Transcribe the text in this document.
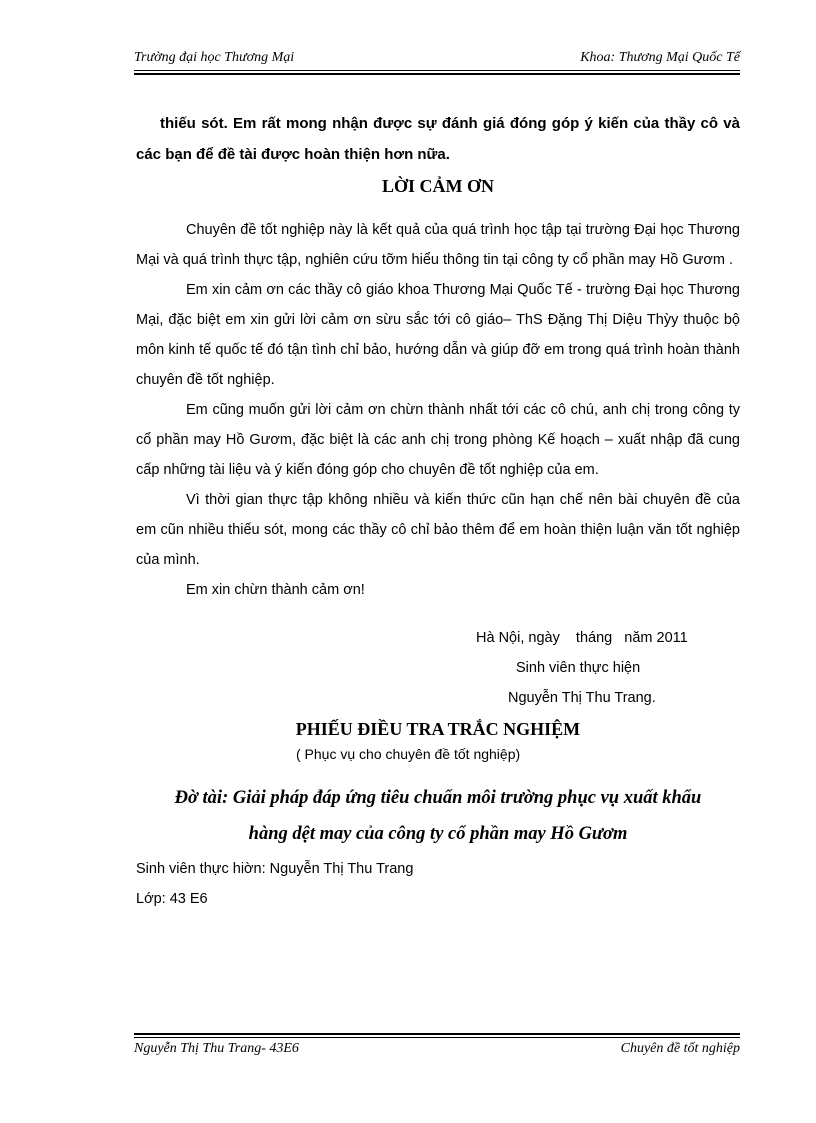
Trường đại học Thương Mại	Khoa: Thương Mại Quốc Tế

thiếu sót. Em rất mong nhận được sự đánh giá đóng góp ý kiến của thầy cô và các bạn để đề tài được hoàn thiện hơn nữa.

LỜI CẢM ƠN

Chuyên đề tốt nghiệp này là kết quả của quá trình học tập tại trường Đại học Thương Mại và quá trình thực tập, nghiên cứu tỡm hiểu thông tin tại công ty cổ phần may Hồ Gươm .

Em xin cảm ơn các thầy cô giáo khoa Thương Mại Quốc Tế - trường Đại học Thương Mại, đặc biệt em xin gửi lời cảm ơn sừu sắc tới cô giáo– ThS Đặng Thị Diệu Thỳy thuộc bộ môn kinh tế quốc tế đó tận tình chỉ bảo, hướng dẫn và giúp đỡ em trong quá trình hoàn thành chuyên đề tốt nghiệp.

Em cũng muốn gửi lời cảm ơn chừn thành nhất tới các cô chú, anh chị trong công ty cổ phần may Hồ Gươm, đặc biệt là các anh chị trong phòng Kế hoạch – xuất nhập đã cung cấp những tài liệu và ý kiến đóng góp cho chuyên đề tốt nghiệp của em.

Vì thời gian thực tập không nhiều và kiến thức cũn hạn chế nên bài chuyên đề của em cũn nhiều thiếu sót, mong các thầy cô chỉ bảo thêm để em hoàn thiện luận văn tốt nghiệp của mình.

Em xin chừn thành cảm ơn!

Hà Nội, ngày    tháng   năm 2011
Sinh viên thực hiện
Nguyễn Thị Thu Trang.
PHIẾU ĐIỀU TRA TRẮC NGHIỆM
( Phục vụ cho chuyên đề tốt nghiệp)
Đờ tài: Giải pháp đáp ứng tiêu chuẩn môi trường phục vụ xuất khẩu
hàng dệt may của công ty cổ phần may Hồ Gươm
Sinh viên thực hiờn: Nguyễn Thị Thu Trang
Lớp: 43 E6
Nguyễn Thị Thu Trang- 43E6	Chuyên đề tốt nghiệp
